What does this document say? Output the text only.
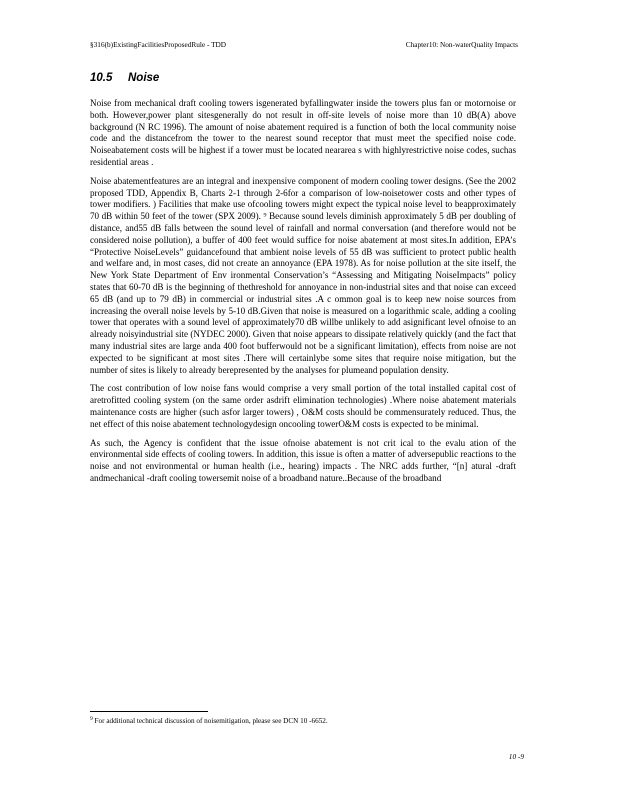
§316(b)ExistingFacilitiesProposedRule - TDD	Chapter10: Non-waterQuality Impacts
10.5 Noise

Noise from mechanical draft cooling towers isgenerated byfallingwater inside the towers plus fan or motornoise or both. However,power plant sitesgenerally do not result in off-site levels of noise more than 10 dB(A) above background (N RC 1996). The amount of noise abatement required is a function of both the local community noise code and the distancefrom the tower to the nearest sound receptor that must meet the specified noise code. Noiseabatement costs will be highest if a tower must be located neararea s with highlyrestrictive noise codes, suchas residential areas .

Noise abatementfeatures are an integral and inexpensive component of modern cooling tower designs. (See the 2002 proposed TDD, Appendix B, Charts 2-1 through 2-6for a comparison of low-noisetower costs and other types of tower modifiers. ) Facilities that make use ofcooling towers might expect the typical noise level to beapproximately 70 dB within 50 feet of the tower (SPX 2009). ⁹ Because sound levels diminish approximately 5 dB per doubling of distance, and55 dB falls between the sound level of rainfall and normal conversation (and therefore would not be considered noise pollution), a buffer of 400 feet would suffice for noise abatement at most sites.In addition, EPA’s “Protective NoiseLevels” guidancefound that ambient noise levels of 55 dB was sufficient to protect public health and welfare and, in most cases, did not create an annoyance (EPA 1978). As for noise pollution at the site itself, the New York State Department of Env ironmental Conservation’s “Assessing and Mitigating NoiseImpacts” policy states that 60-70 dB is the beginning of thethreshold for annoyance in non-industrial sites and that noise can exceed 65 dB (and up to 79 dB) in commercial or industrial sites .A c ommon goal is to keep new noise sources from increasing the overall noise levels by 5-10 dB.Given that noise is measured on a logarithmic scale, adding a cooling tower that operates with a sound level of approximately70 dB willbe unlikely to add asignificant level ofnoise to an already noisyindustrial site (NYDEC 2000). Given that noise appears to dissipate relatively quickly (and the fact that many industrial sites are large anda 400 foot bufferwould not be a significant limitation), effects from noise are not expected to be significant at most sites .There will certainlybe some sites that require noise mitigation, but the number of sites is likely to already berepresented by the analyses for plumeand population density.

The cost contribution of low noise fans would comprise a very small portion of the total installed capital cost of aretrofitted cooling system (on the same order asdrift elimination technologies) .Where noise abatement materials maintenance costs are higher (such asfor larger towers) , O&M costs should be commensurately reduced. Thus, the net effect of this noise abatement technologydesign oncooling towerO&M costs is expected to be minimal.

As such, the Agency is confident that the issue ofnoise abatement is not crit ical to the evalu ation of the environmental side effects of cooling towers. In addition, this issue is often a matter of adversepublic reactions to the noise and not environmental or human health (i.e., hearing) impacts . The NRC adds further, “[n] atural -draft andmechanical -draft cooling towersemit noise of a broadband nature..Because of the broadband

$^9$ For additional technical discussion of noisemitigation, please see DCN 10 -6652.
10 -9
